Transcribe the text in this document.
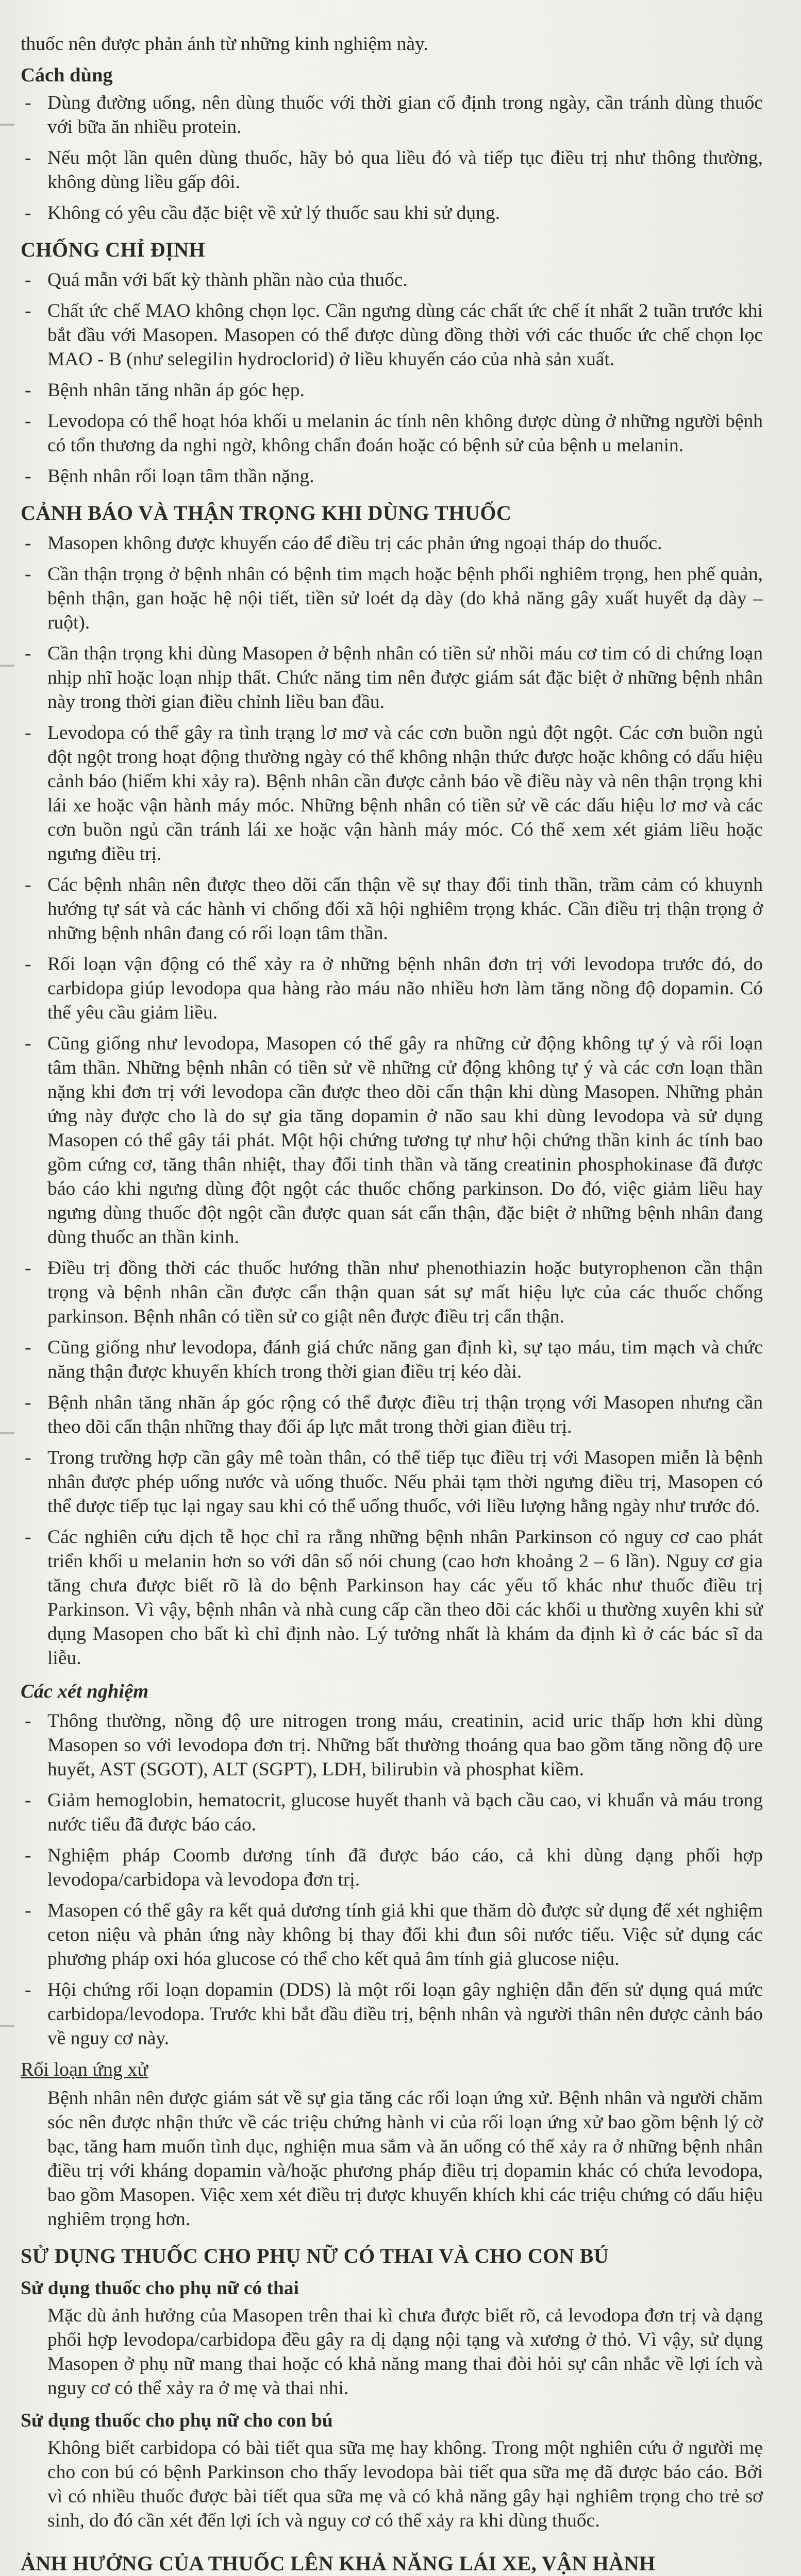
thuốc nên được phản ánh từ những kinh nghiệm này.

Cách dùng

- Dùng đường uống, nên dùng thuốc với thời gian cố định trong ngày, cần tránh dùng thuốc với bữa ăn nhiều protein.
- Nếu một lần quên dùng thuốc, hãy bỏ qua liều đó và tiếp tục điều trị như thông thường, không dùng liều gấp đôi.
- Không có yêu cầu đặc biệt về xử lý thuốc sau khi sử dụng.

CHỐNG CHỈ ĐỊNH

- Quá mẫn với bất kỳ thành phần nào của thuốc.
- Chất ức chế MAO không chọn lọc. Cần ngưng dùng các chất ức chế ít nhất 2 tuần trước khi bắt đầu với Masopen. Masopen có thể được dùng đồng thời với các thuốc ức chế chọn lọc MAO - B (như selegilin hydroclorid) ở liều khuyến cáo của nhà sản xuất.
- Bệnh nhân tăng nhãn áp góc hẹp.
- Levodopa có thể hoạt hóa khối u melanin ác tính nên không được dùng ở những người bệnh có tổn thương da nghi ngờ, không chẩn đoán hoặc có bệnh sử của bệnh u melanin.
- Bệnh nhân rối loạn tâm thần nặng.

CẢNH BÁO VÀ THẬN TRỌNG KHI DÙNG THUỐC

- Masopen không được khuyến cáo để điều trị các phản ứng ngoại tháp do thuốc.
- Cần thận trọng ở bệnh nhân có bệnh tim mạch hoặc bệnh phổi nghiêm trọng, hen phế quản, bệnh thận, gan hoặc hệ nội tiết, tiền sử loét dạ dày (do khả năng gây xuất huyết dạ dày – ruột).
- Cần thận trọng khi dùng Masopen ở bệnh nhân có tiền sử nhồi máu cơ tim có di chứng loạn nhịp nhĩ hoặc loạn nhịp thất. Chức năng tim nên được giám sát đặc biệt ở những bệnh nhân này trong thời gian điều chỉnh liều ban đầu.
- Levodopa có thể gây ra tình trạng lơ mơ và các cơn buồn ngủ đột ngột. Các cơn buồn ngủ đột ngột trong hoạt động thường ngày có thể không nhận thức được hoặc không có dấu hiệu cảnh báo (hiếm khi xảy ra). Bệnh nhân cần được cảnh báo về điều này và nên thận trọng khi lái xe hoặc vận hành máy móc. Những bệnh nhân có tiền sử về các dấu hiệu lơ mơ và các cơn buồn ngủ cần tránh lái xe hoặc vận hành máy móc. Có thể xem xét giảm liều hoặc ngưng điều trị.
- Các bệnh nhân nên được theo dõi cẩn thận về sự thay đổi tinh thần, trầm cảm có khuynh hướng tự sát và các hành vi chống đối xã hội nghiêm trọng khác. Cần điều trị thận trọng ở những bệnh nhân đang có rối loạn tâm thần.
- Rối loạn vận động có thể xảy ra ở những bệnh nhân đơn trị với levodopa trước đó, do carbidopa giúp levodopa qua hàng rào máu não nhiều hơn làm tăng nồng độ dopamin. Có thể yêu cầu giảm liều.
- Cũng giống như levodopa, Masopen có thể gây ra những cử động không tự ý và rối loạn tâm thần. Những bệnh nhân có tiền sử về những cử động không tự ý và các cơn loạn thần nặng khi đơn trị với levodopa cần được theo dõi cẩn thận khi dùng Masopen. Những phản ứng này được cho là do sự gia tăng dopamin ở não sau khi dùng levodopa và sử dụng Masopen có thể gây tái phát. Một hội chứng tương tự như hội chứng thần kinh ác tính bao gồm cứng cơ, tăng thân nhiệt, thay đổi tinh thần và tăng creatinin phosphokinase đã được báo cáo khi ngưng dùng đột ngột các thuốc chống parkinson. Do đó, việc giảm liều hay ngưng dùng thuốc đột ngột cần được quan sát cẩn thận, đặc biệt ở những bệnh nhân đang dùng thuốc an thần kinh.
- Điều trị đồng thời các thuốc hướng thần như phenothiazin hoặc butyrophenon cần thận trọng và bệnh nhân cần được cẩn thận quan sát sự mất hiệu lực của các thuốc chống parkinson. Bệnh nhân có tiền sử co giật nên được điều trị cẩn thận.
- Cũng giống như levodopa, đánh giá chức năng gan định kì, sự tạo máu, tim mạch và chức năng thận được khuyến khích trong thời gian điều trị kéo dài.
- Bệnh nhân tăng nhãn áp góc rộng có thể được điều trị thận trọng với Masopen nhưng cần theo dõi cẩn thận những thay đổi áp lực mắt trong thời gian điều trị.
- Trong trường hợp cần gây mê toàn thân, có thể tiếp tục điều trị với Masopen miễn là bệnh nhân được phép uống nước và uống thuốc. Nếu phải tạm thời ngưng điều trị, Masopen có thể được tiếp tục lại ngay sau khi có thể uống thuốc, với liều lượng hằng ngày như trước đó.
- Các nghiên cứu dịch tễ học chỉ ra rằng những bệnh nhân Parkinson có nguy cơ cao phát triển khối u melanin hơn so với dân số nói chung (cao hơn khoảng 2 – 6 lần). Nguy cơ gia tăng chưa được biết rõ là do bệnh Parkinson hay các yếu tố khác như thuốc điều trị Parkinson. Vì vậy, bệnh nhân và nhà cung cấp cần theo dõi các khối u thường xuyên khi sử dụng Masopen cho bất kì chỉ định nào. Lý tưởng nhất là khám da định kì ở các bác sĩ da liễu.

Các xét nghiệm

- Thông thường, nồng độ ure nitrogen trong máu, creatinin, acid uric thấp hơn khi dùng Masopen so với levodopa đơn trị. Những bất thường thoáng qua bao gồm tăng nồng độ ure huyết, AST (SGOT), ALT (SGPT), LDH, bilirubin và phosphat kiềm.
- Giảm hemoglobin, hematocrit, glucose huyết thanh và bạch cầu cao, vi khuẩn và máu trong nước tiểu đã được báo cáo.
- Nghiệm pháp Coomb dương tính đã được báo cáo, cả khi dùng dạng phối hợp levodopa/carbidopa và levodopa đơn trị.
- Masopen có thể gây ra kết quả dương tính giả khi que thăm dò được sử dụng để xét nghiệm ceton niệu và phản ứng này không bị thay đổi khi đun sôi nước tiểu. Việc sử dụng các phương pháp oxi hóa glucose có thể cho kết quả âm tính giả glucose niệu.
- Hội chứng rối loạn dopamin (DDS) là một rối loạn gây nghiện dẫn đến sử dụng quá mức carbidopa/levodopa. Trước khi bắt đầu điều trị, bệnh nhân và người thân nên được cảnh báo về nguy cơ này.

Rối loạn ứng xử

Bệnh nhân nên được giám sát về sự gia tăng các rối loạn ứng xử. Bệnh nhân và người chăm sóc nên được nhận thức về các triệu chứng hành vi của rối loạn ứng xử bao gồm bệnh lý cờ bạc, tăng ham muốn tình dục, nghiện mua sắm và ăn uống có thể xảy ra ở những bệnh nhân điều trị với kháng dopamin và/hoặc phương pháp điều trị dopamin khác có chứa levodopa, bao gồm Masopen. Việc xem xét điều trị được khuyến khích khi các triệu chứng có dấu hiệu nghiêm trọng hơn.

SỬ DỤNG THUỐC CHO PHỤ NỮ CÓ THAI VÀ CHO CON BÚ

Sử dụng thuốc cho phụ nữ có thai

Mặc dù ảnh hưởng của Masopen trên thai kì chưa được biết rõ, cả levodopa đơn trị và dạng phối hợp levodopa/carbidopa đều gây ra dị dạng nội tạng và xương ở thỏ. Vì vậy, sử dụng Masopen ở phụ nữ mang thai hoặc có khả năng mang thai đòi hỏi sự cân nhắc về lợi ích và nguy cơ có thể xảy ra ở mẹ và thai nhi.

Sử dụng thuốc cho phụ nữ cho con bú

Không biết carbidopa có bài tiết qua sữa mẹ hay không. Trong một nghiên cứu ở người mẹ cho con bú có bệnh Parkinson cho thấy levodopa bài tiết qua sữa mẹ đã được báo cáo. Bởi vì có nhiều thuốc được bài tiết qua sữa mẹ và có khả năng gây hại nghiêm trọng cho trẻ sơ sinh, do đó cần xét đến lợi ích và nguy cơ có thể xảy ra khi dùng thuốc.

ẢNH HƯỞNG CỦA THUỐC LÊN KHẢ NĂNG LÁI XE, VẬN HÀNH
